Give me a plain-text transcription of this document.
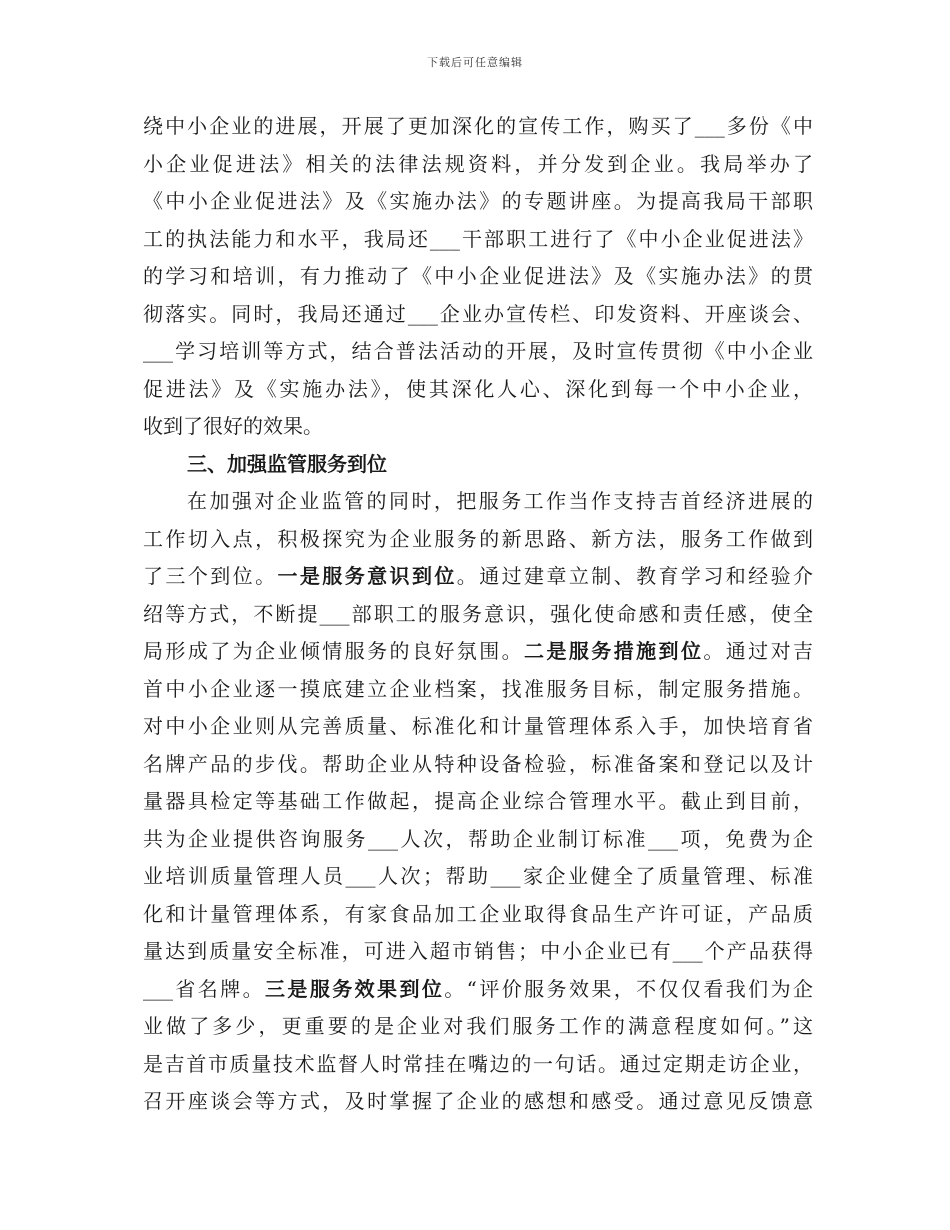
下载后可任意编辑
绕中小企业的进展，开展了更加深化的宣传工作，购买了___多份《中
小企业促进法》相关的法律法规资料，并分发到企业。我局举办了
《中小企业促进法》及《实施办法》的专题讲座。为提高我局干部职
工的执法能力和水平，我局还___干部职工进行了《中小企业促进法》
的学习和培训，有力推动了《中小企业促进法》及《实施办法》的贯
彻落实。同时，我局还通过___企业办宣传栏、印发资料、开座谈会、
___学习培训等方式，结合普法活动的开展，及时宣传贯彻《中小企业
促进法》及《实施办法》，使其深化人心、深化到每一个中小企业，
收到了很好的效果。
三、加强监管服务到位
在加强对企业监管的同时，把服务工作当作支持吉首经济进展的
工作切入点，积极探究为企业服务的新思路、新方法，服务工作做到
了三个到位。一是服务意识到位。通过建章立制、教育学习和经验介
绍等方式，不断提___部职工的服务意识，强化使命感和责任感，使全
局形成了为企业倾情服务的良好氛围。二是服务措施到位。通过对吉
首中小企业逐一摸底建立企业档案，找准服务目标，制定服务措施。
对中小企业则从完善质量、标准化和计量管理体系入手，加快培育省
名牌产品的步伐。帮助企业从特种设备检验，标准备案和登记以及计
量器具检定等基础工作做起，提高企业综合管理水平。截止到目前，
共为企业提供咨询服务___人次，帮助企业制订标准___项，免费为企
业培训质量管理人员___人次；帮助___家企业健全了质量管理、标准
化和计量管理体系，有家食品加工企业取得食品生产许可证，产品质
量达到质量安全标准，可进入超市销售；中小企业已有___个产品获得
___省名牌。三是服务效果到位。“评价服务效果，不仅仅看我们为企
业做了多少，更重要的是企业对我们服务工作的满意程度如何。”这
是吉首市质量技术监督人时常挂在嘴边的一句话。通过定期走访企业，
召开座谈会等方式，及时掌握了企业的感想和感受。通过意见反馈意
